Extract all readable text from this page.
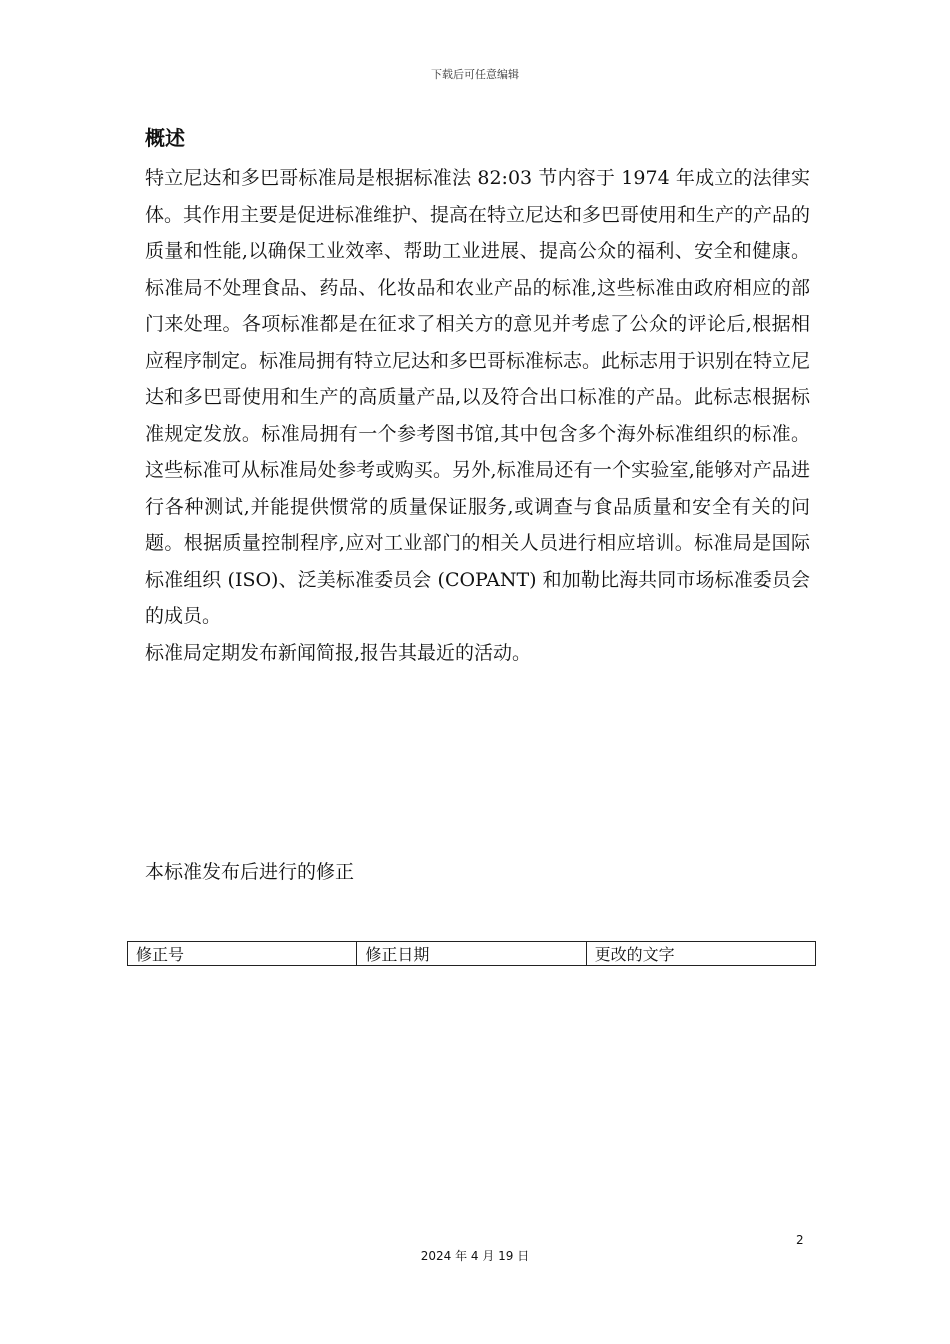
下载后可任意编辑
概述

特立尼达和多巴哥标准局是根据标准法 82:03 节内容于 1974 年成立的法律实体。其作用主要是促进标准维护、提高在特立尼达和多巴哥使用和生产的产品的质量和性能,以确保工业效率、帮助工业进展、提高公众的福利、安全和健康。标准局不处理食品、药品、化妆品和农业产品的标准,这些标准由政府相应的部门来处理。各项标准都是在征求了相关方的意见并考虑了公众的评论后,根据相应程序制定。标准局拥有特立尼达和多巴哥标准标志。此标志用于识别在特立尼达和多巴哥使用和生产的高质量产品,以及符合出口标准的产品。此标志根据标准规定发放。标准局拥有一个参考图书馆,其中包含多个海外标准组织的标准。这些标准可从标准局处参考或购买。另外,标准局还有一个实验室,能够对产品进行各种测试,并能提供惯常的质量保证服务,或调查与食品质量和安全有关的问题。根据质量控制程序,应对工业部门的相关人员进行相应培训。标准局是国际标准组织 (ISO)、泛美标准委员会 (COPANT) 和加勒比海共同市场标准委员会的成员。

标准局定期发布新闻简报,报告其最近的活动。

本标准发布后进行的修正
修正号	修正日期	更改的文字
2
2024 年 4 月 19 日
